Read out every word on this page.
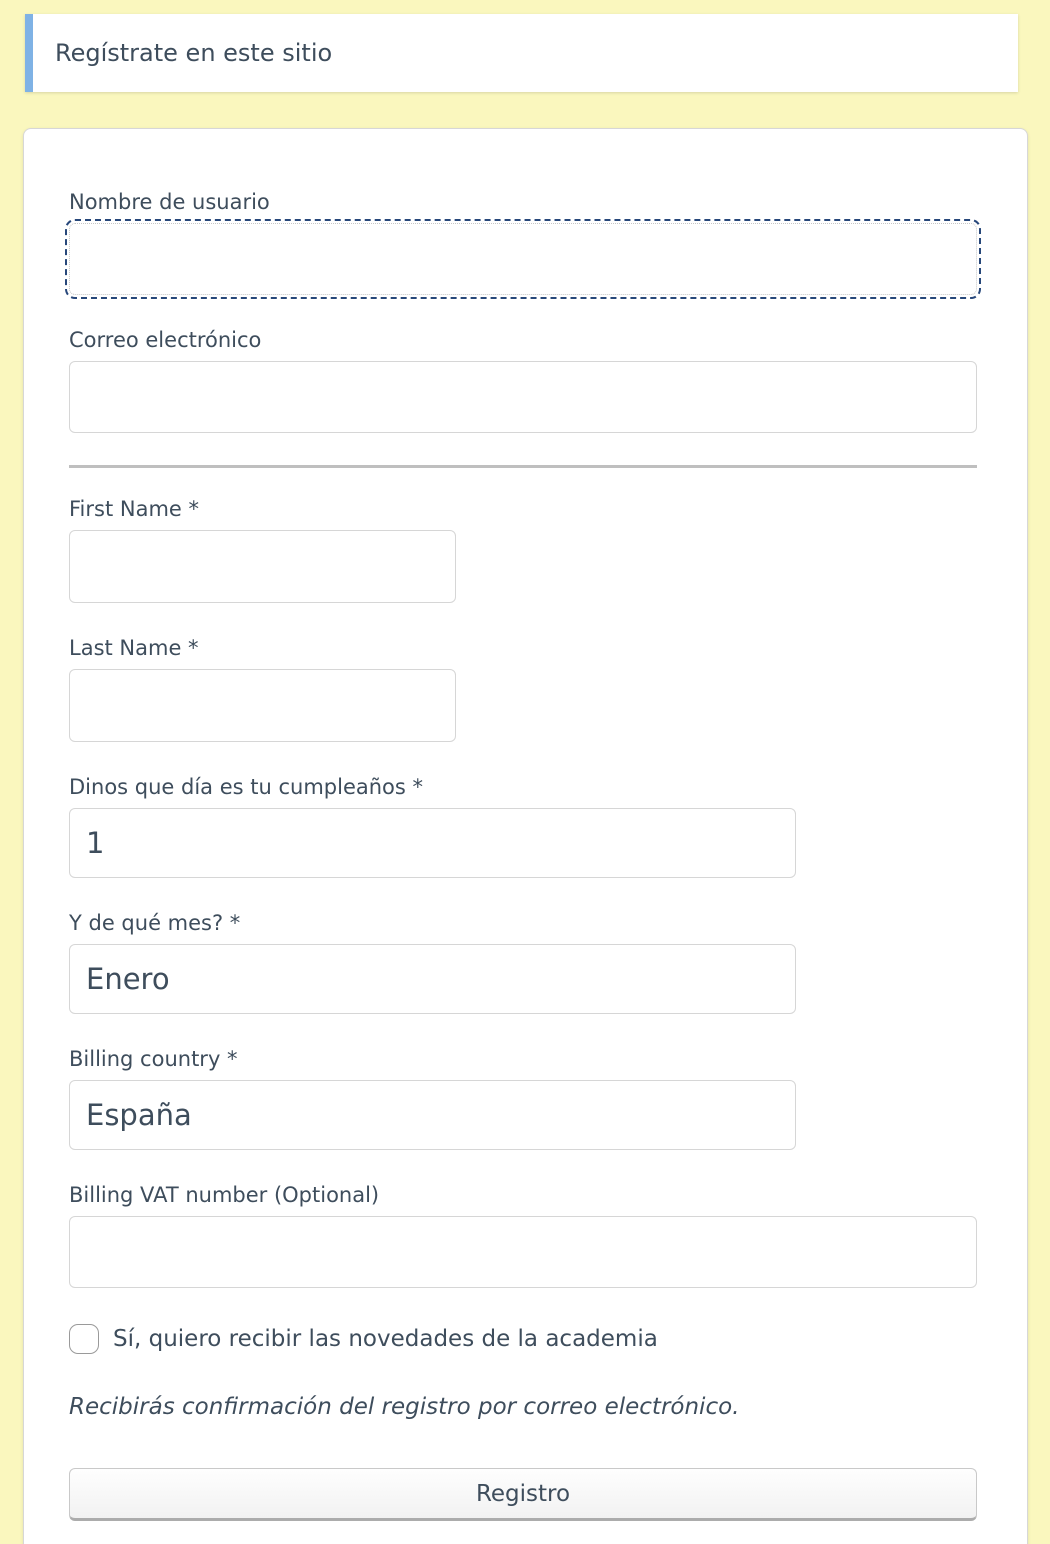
Regístrate en este sitio
Nombre de usuario
Correo electrónico
First Name *
Last Name *
Dinos que día es tu cumpleaños *
1
Y de qué mes? *
Enero
Billing country *
España
Billing VAT number (Optional)
Sí, quiero recibir las novedades de la academia

Recibirás confirmación del registro por correo electrónico.

Registro
